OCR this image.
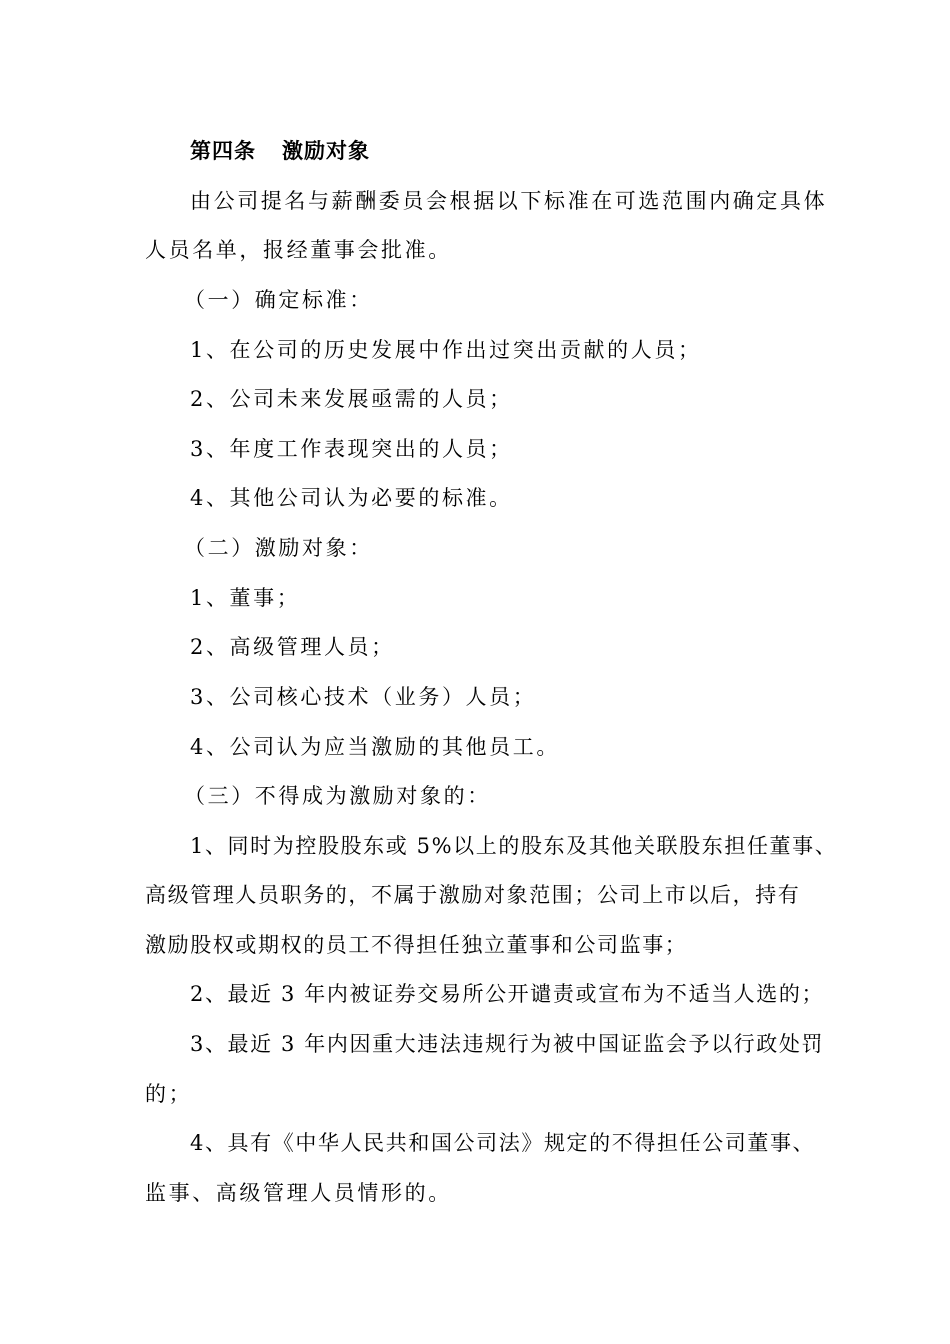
第四条 激励对象
由公司提名与薪酬委员会根据以下标准在可选范围内确定具体
人员名单，报经董事会批准。
（一）确定标准：
1、在公司的历史发展中作出过突出贡献的人员；
2、公司未来发展亟需的人员；
3、年度工作表现突出的人员；
4、其他公司认为必要的标准。
（二）激励对象：
1、董事；
2、高级管理人员；
3、公司核心技术（业务）人员；
4、公司认为应当激励的其他员工。
（三）不得成为激励对象的：
1、同时为控股股东或 5%以上的股东及其他关联股东担任董事、
高级管理人员职务的，不属于激励对象范围；公司上市以后，持有
激励股权或期权的员工不得担任独立董事和公司监事；
2、最近 3 年内被证券交易所公开谴责或宣布为不适当人选的；
3、最近 3 年内因重大违法违规行为被中国证监会予以行政处罚
的；
4、具有《中华人民共和国公司法》规定的不得担任公司董事、
监事、高级管理人员情形的。
